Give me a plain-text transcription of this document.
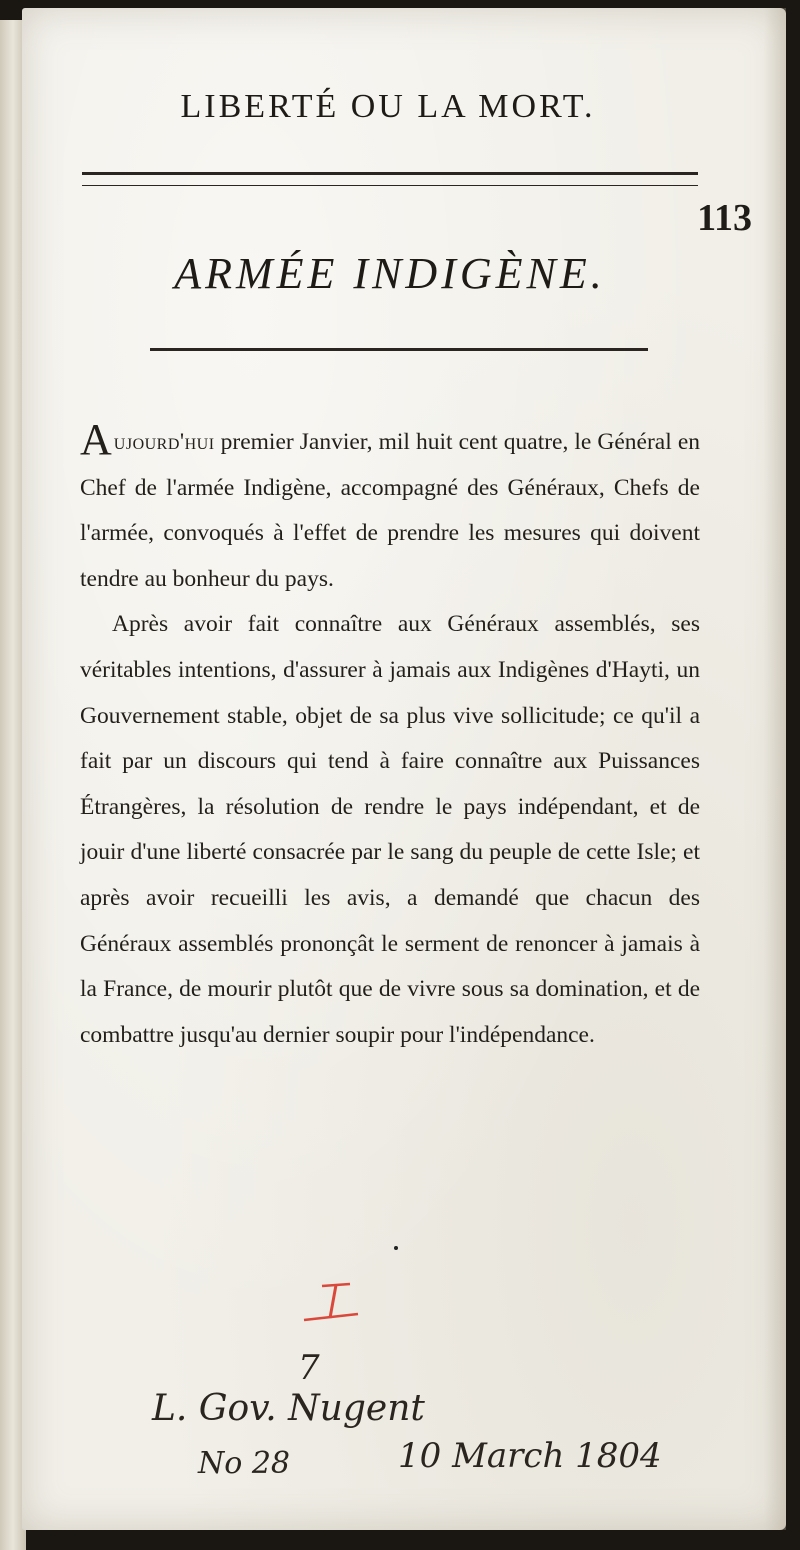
LIBERTÉ OU LA MORT.
113
ARMÉE INDIGÈNE.

Aujourd'hui premier Janvier, mil huit cent quatre, le Général en Chef de l'armée Indigène, accompagné des Généraux, Chefs de l'armée, convoqués à l'effet de prendre les mesures qui doivent tendre au bonheur du pays.

Après avoir fait connaître aux Généraux assemblés, ses véritables intentions, d'assurer à jamais aux Indigènes d'Hayti, un Gouvernement stable, objet de sa plus vive sollicitude; ce qu'il a fait par un discours qui tend à faire connaître aux Puissances Étrangères, la résolution de rendre le pays indépendant, et de jouir d'une liberté consacrée par le sang du peuple de cette Isle; et après avoir recueilli les avis, a demandé que chacun des Généraux assemblés prononçât le serment de renoncer à jamais à la France, de mourir plutôt que de vivre sous sa domination, et de combattre jusqu'au dernier soupir pour l'indépendance.

I
7
L. Gov. Nugent
No 28	10 March 1804
